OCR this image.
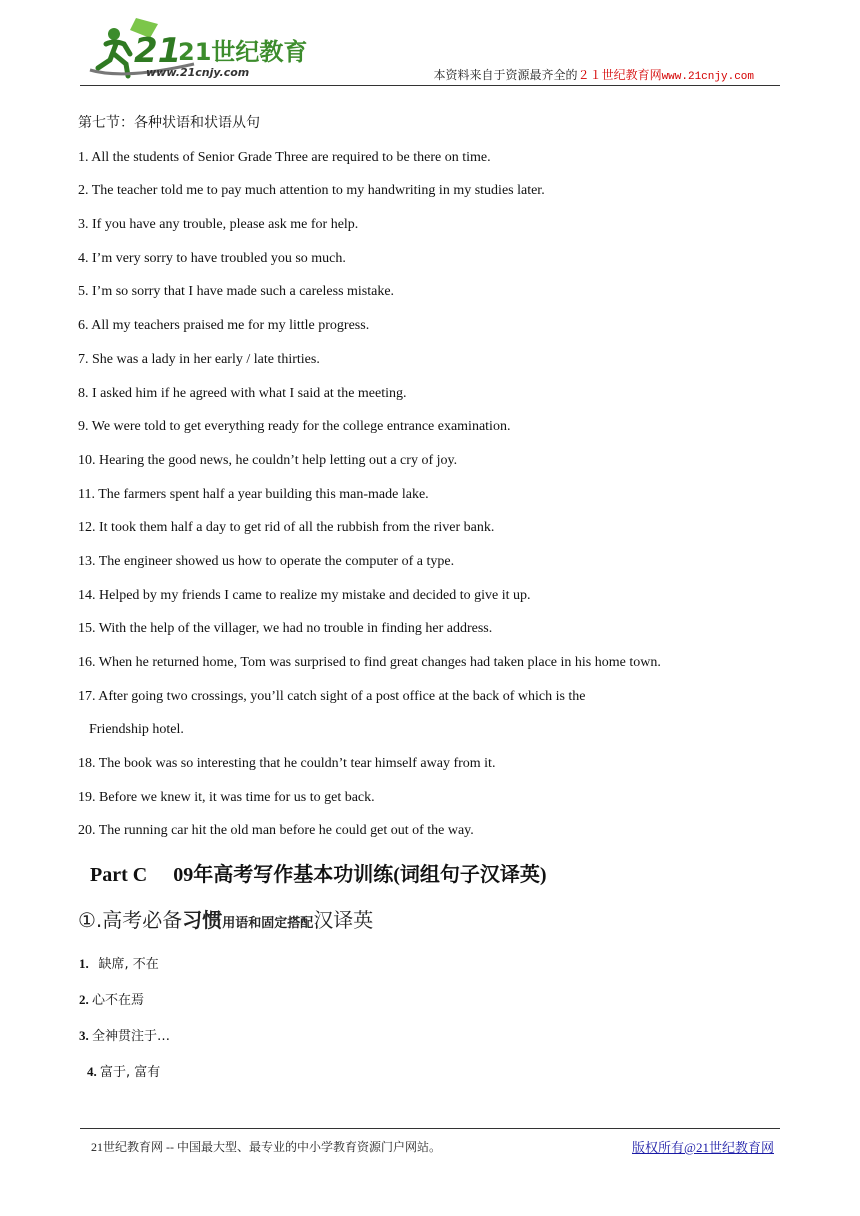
21
21世纪教育
www.21cnjy.com	本资料来自于资源最齐全的２１世纪教育网www.21cnjy.com
第七节：各种状语和状语从句
1. All the students of Senior Grade Three are required to be there on time.
2. The teacher told me to pay much attention to my handwriting in my studies later.
3. If you have any trouble, please ask me for help.
4. I’m very sorry to have troubled you so much.
5. I’m so sorry that I have made such a careless mistake.
6. All my teachers praised me for my little progress.
7. She was a lady in her early / late thirties.
8. I asked him if he agreed with what I said at the meeting.
9. We were told to get everything ready for the college entrance examination.
10. Hearing the good news, he couldn’t help letting out a cry of joy.
11. The farmers spent half a year building this man-made lake.
12. It took them half a day to get rid of all the rubbish from the river bank.
13. The engineer showed us how to operate the computer of a type.
14. Helped by my friends I came to realize my mistake and decided to give it up.
15. With the help of the villager, we had no trouble in finding her address.
16. When he returned home, Tom was surprised to find great changes had taken place in his home town.
17. After going two crossings, you’ll catch sight of a post office at the back of which is the
Friendship hotel.
18. The book was so interesting that he couldn’t tear himself away from it.
19. Before we knew it, it was time for us to get back.
20. The running car hit the old man before he could get out of the way.
Part C 09年高考写作基本功训练(词组句子汉译英)
①.高考必备习惯用语和固定搭配汉译英
1. 缺席, 不在
2. 心不在焉
3. 全神贯注于…
4. 富于, 富有
21世纪教育网 -- 中国最大型、最专业的中小学教育资源门户网站。	版权所有@21世纪教育网
